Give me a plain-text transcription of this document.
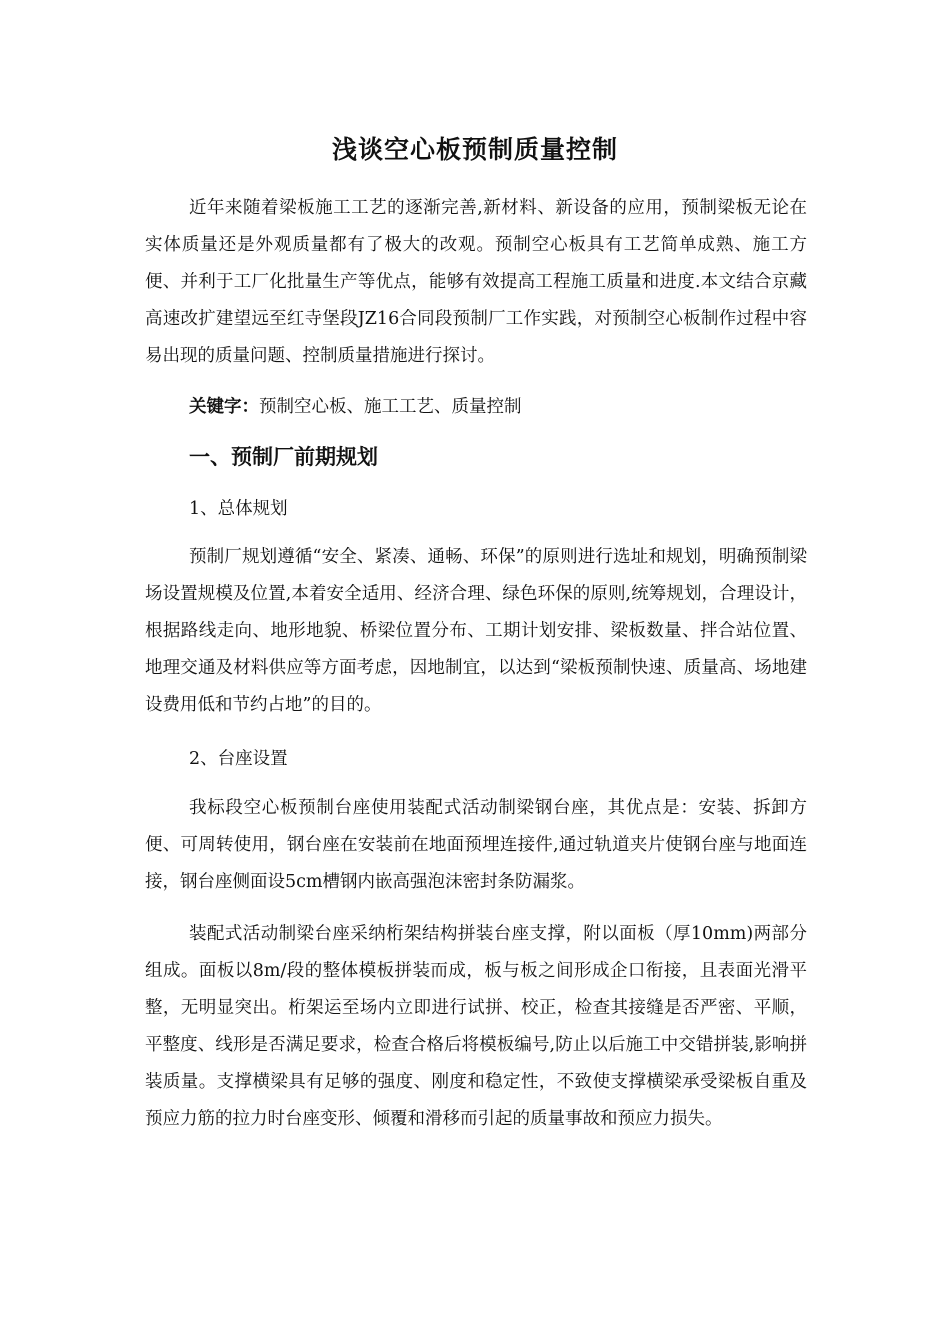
浅谈空心板预制质量控制

近年来随着梁板施工工艺的逐渐完善,新材料、新设备的应用，预制梁板无论在实体质量还是外观质量都有了极大的改观。预制空心板具有工艺简单成熟、施工方便、并利于工厂化批量生产等优点，能够有效提高工程施工质量和进度.本文结合京藏高速改扩建望远至红寺堡段JZ16合同段预制厂工作实践，对预制空心板制作过程中容易出现的质量问题、控制质量措施进行探讨。

关键字：预制空心板、施工工艺、质量控制

一、预制厂前期规划

1、总体规划

预制厂规划遵循“安全、紧凑、通畅、环保”的原则进行选址和规划，明确预制梁场设置规模及位置,本着安全适用、经济合理、绿色环保的原则,统筹规划，合理设计，根据路线走向、地形地貌、桥梁位置分布、工期计划安排、梁板数量、拌合站位置、地理交通及材料供应等方面考虑，因地制宜，以达到“梁板预制快速、质量高、场地建设费用低和节约占地”的目的。

2、台座设置

我标段空心板预制台座使用装配式活动制梁钢台座，其优点是：安装、拆卸方便、可周转使用，钢台座在安装前在地面预埋连接件,通过轨道夹片使钢台座与地面连接，钢台座侧面设5cm槽钢内嵌高强泡沫密封条防漏浆。

装配式活动制梁台座采纳桁架结构拼装台座支撑，附以面板（厚10mm)两部分组成。面板以8m/段的整体模板拼装而成，板与板之间形成企口衔接，且表面光滑平整，无明显突出。桁架运至场内立即进行试拼、校正，检查其接缝是否严密、平顺，平整度、线形是否满足要求，检查合格后将模板编号,防止以后施工中交错拼装,影响拼装质量。支撑横梁具有足够的强度、刚度和稳定性，不致使支撑横梁承受梁板自重及预应力筋的拉力时台座变形、倾覆和滑移而引起的质量事故和预应力损失。
